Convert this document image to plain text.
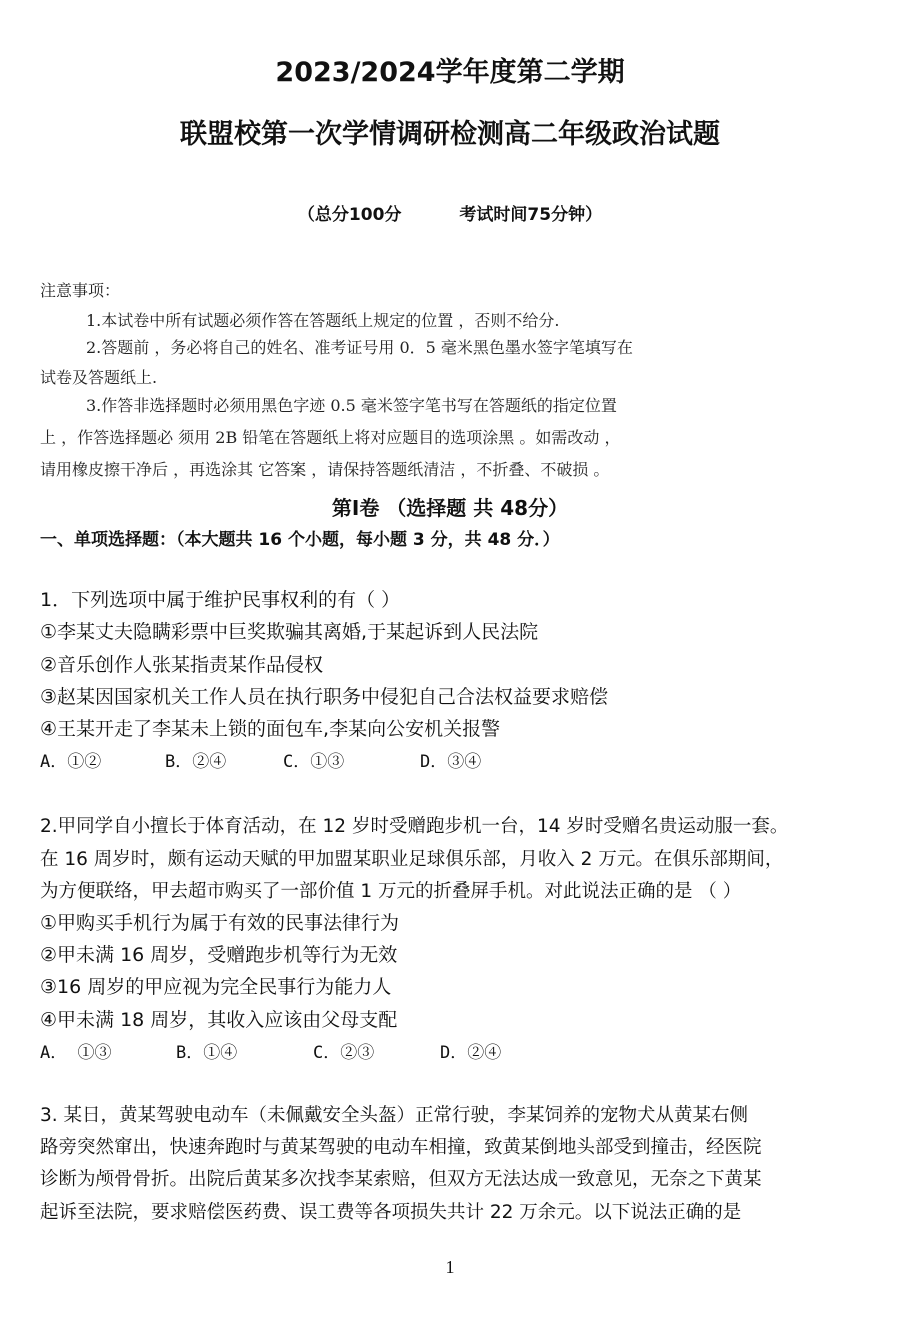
2023/2024学年度第二学期
联盟校第一次学情调研检测高二年级政治试题
（总分100分	考试时间75分钟）
注意事项：
1.本试卷中所有试题必须作答在答题纸上规定的位置 ，否则不给分.
2.答题前 ，务必将自己的姓名、准考证号用 0．5 毫米黑色墨水签字笔填写在
试卷及答题纸上.
3.作答非选择题时必须用黑色字迹 0.5 毫米签字笔书写在答题纸的指定位置
上 ，作答选择题必 须用 2B 铅笔在答题纸上将对应题目的选项涂黑 。如需改动 ，
请用橡皮擦干净后 ，再选涂其 它答案 ，请保持答题纸清洁 ，不折叠、不破损 。
第Ⅰ卷 （选择题 共 48分）
一、单项选择题：（本大题共 16 个小题，每小题 3 分，共 48 分．）
1．下列选项中属于维护民事权利的有（ ）
①李某丈夫隐瞒彩票中巨奖欺骗其离婚,于某起诉到人民法院
②音乐创作人张某指责某作品侵权
③赵某因国家机关工作人员在执行职务中侵犯自己合法权益要求赔偿
④王某开走了李某未上锁的面包车,李某向公安机关报警
A．①②	B．②④	C．①③	D．③④
2.甲同学自小擅长于体育活动，在 12 岁时受赠跑步机一台，14 岁时受赠名贵运动服一套。
在 16 周岁时，颇有运动天赋的甲加盟某职业足球俱乐部，月收入 2 万元。在俱乐部期间，
为方便联络，甲去超市购买了一部价值 1 万元的折叠屏手机。对此说法正确的是 （ ）
①甲购买手机行为属于有效的民事法律行为
②甲未满 16 周岁，受赠跑步机等行为无效
③16 周岁的甲应视为完全民事行为能力人
④甲未满 18 周岁，其收入应该由父母支配
A． ①③	B．①④	C．②③	D．②④
3. 某日，黄某驾驶电动车（未佩戴安全头盔）正常行驶，李某饲养的宠物犬从黄某右侧
路旁突然窜出，快速奔跑时与黄某驾驶的电动车相撞，致黄某倒地头部受到撞击，经医院
诊断为颅骨骨折。出院后黄某多次找李某索赔，但双方无法达成一致意见，无奈之下黄某
起诉至法院，要求赔偿医药费、误工费等各项损失共计 22 万余元。以下说法正确的是
1
